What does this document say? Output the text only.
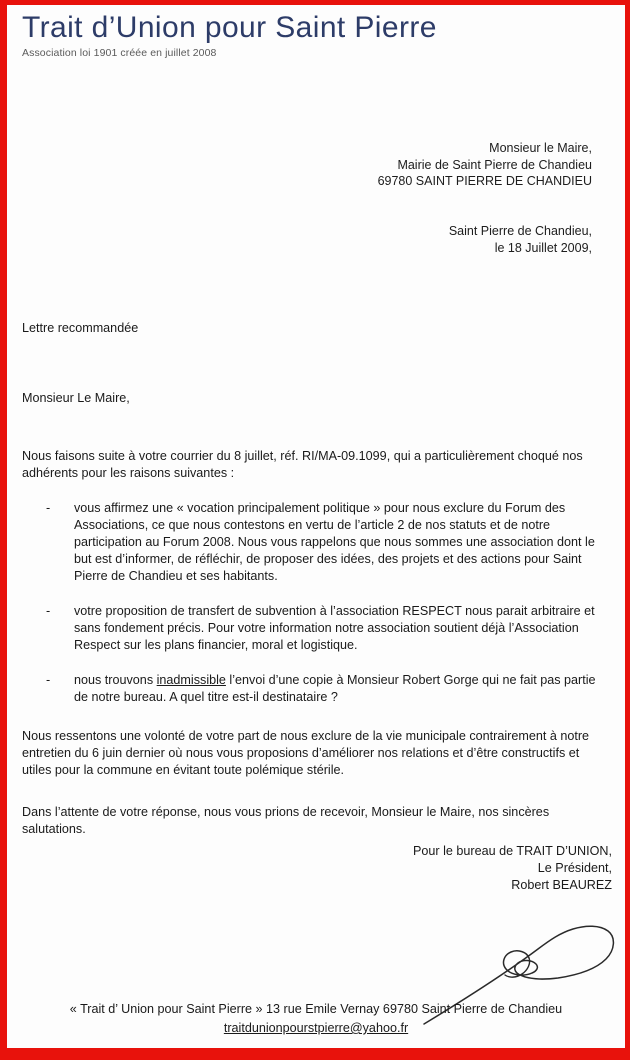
Trait d’Union pour Saint Pierre
Association loi 1901 créée en juillet 2008
Monsieur le Maire,
Mairie de Saint Pierre de Chandieu
69780 SAINT PIERRE DE CHANDIEU
Saint Pierre de Chandieu,
le 18 Juillet 2009,

Lettre recommandée

Monsieur Le Maire,

Nous faisons suite à votre courrier du 8 juillet, réf. RI/MA-09.1099, qui a particulièrement choqué nos adhérents pour les raisons suivantes :

- vous affirmez une « vocation principalement politique » pour nous exclure du Forum des Associations, ce que nous contestons en vertu de l’article 2 de nos statuts et de notre participation au Forum 2008. Nous vous rappelons que nous sommes une association dont le but est d’informer, de réfléchir, de proposer des idées, des projets et des actions pour Saint Pierre de Chandieu et ses habitants.
- votre proposition de transfert de subvention à l’association RESPECT nous parait arbitraire et sans fondement précis. Pour votre information notre association soutient déjà l’Association Respect sur les plans financier, moral et logistique.
- nous trouvons inadmissible l’envoi d’une copie à Monsieur Robert Gorge qui ne fait pas partie de notre bureau. A quel titre est-il destinataire ?

Nous ressentons une volonté de votre part de nous exclure de la vie municipale contrairement à notre entretien du 6 juin dernier où nous vous proposions d’améliorer nos relations et d’être constructifs et utiles pour la commune en évitant toute polémique stérile.

Dans l’attente de votre réponse, nous vous prions de recevoir, Monsieur le Maire, nos sincères salutations.

Pour le bureau de TRAIT D’UNION,
Le Président,
Robert BEAUREZ
« Trait d’ Union pour Saint Pierre » 13 rue Emile Vernay 69780 Saint Pierre de Chandieu
traitdunionpourstpierre@yahoo.fr
